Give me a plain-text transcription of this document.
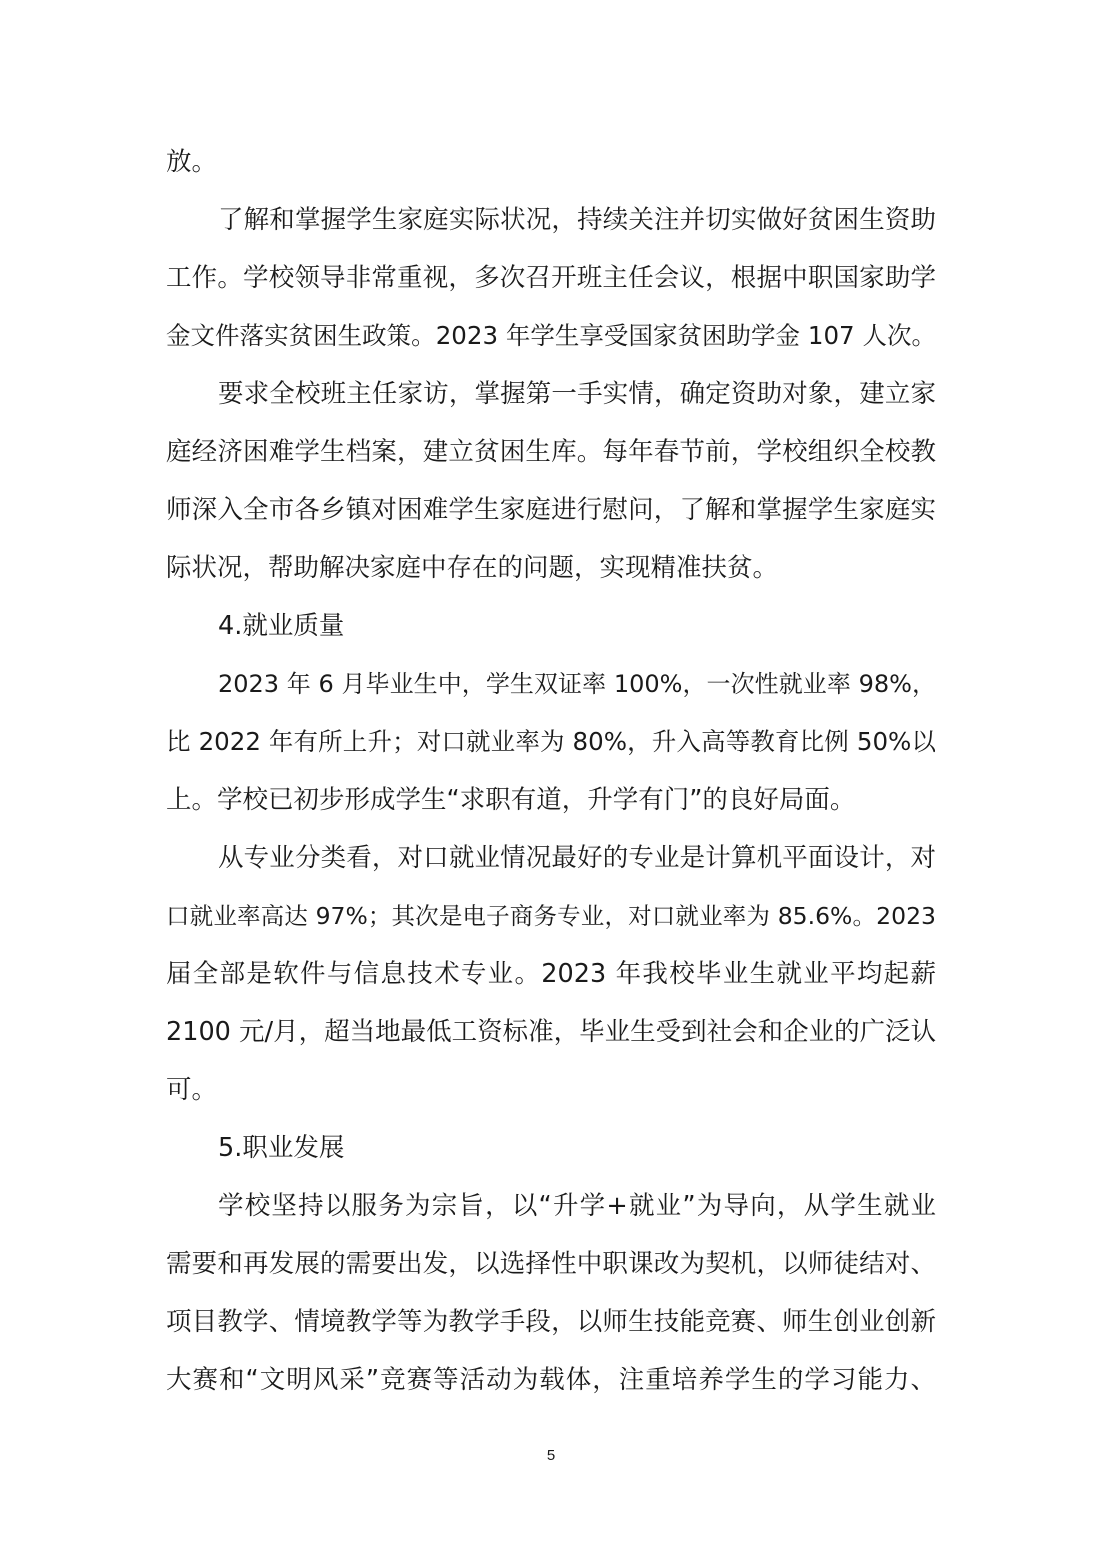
放。
了解和掌握学生家庭实际状况，持续关注并切实做好贫困生资助
工作。学校领导非常重视，多次召开班主任会议，根据中职国家助学
金文件落实贫困生政策。2023 年学生享受国家贫困助学金 107 人次。
要求全校班主任家访，掌握第一手实情，确定资助对象，建立家
庭经济困难学生档案，建立贫困生库。每年春节前，学校组织全校教
师深入全市各乡镇对困难学生家庭进行慰问，了解和掌握学生家庭实
际状况，帮助解决家庭中存在的问题，实现精准扶贫。
4.就业质量
2023 年 6 月毕业生中，学生双证率 100%，一次性就业率 98%，
比 2022 年有所上升；对口就业率为 80%，升入高等教育比例 50%以
上。学校已初步形成学生“求职有道，升学有门”的良好局面。
从专业分类看，对口就业情况最好的专业是计算机平面设计，对
口就业率高达 97%；其次是电子商务专业，对口就业率为 85.6%。2023
届全部是软件与信息技术专业。2023 年我校毕业生就业平均起薪
2100 元/月，超当地最低工资标准，毕业生受到社会和企业的广泛认
可。
5.职业发展
学校坚持以服务为宗旨，以“升学+就业”为导向，从学生就业
需要和再发展的需要出发，以选择性中职课改为契机，以师徒结对、
项目教学、情境教学等为教学手段，以师生技能竞赛、师生创业创新
大赛和“文明风采”竞赛等活动为载体，注重培养学生的学习能力、
5
